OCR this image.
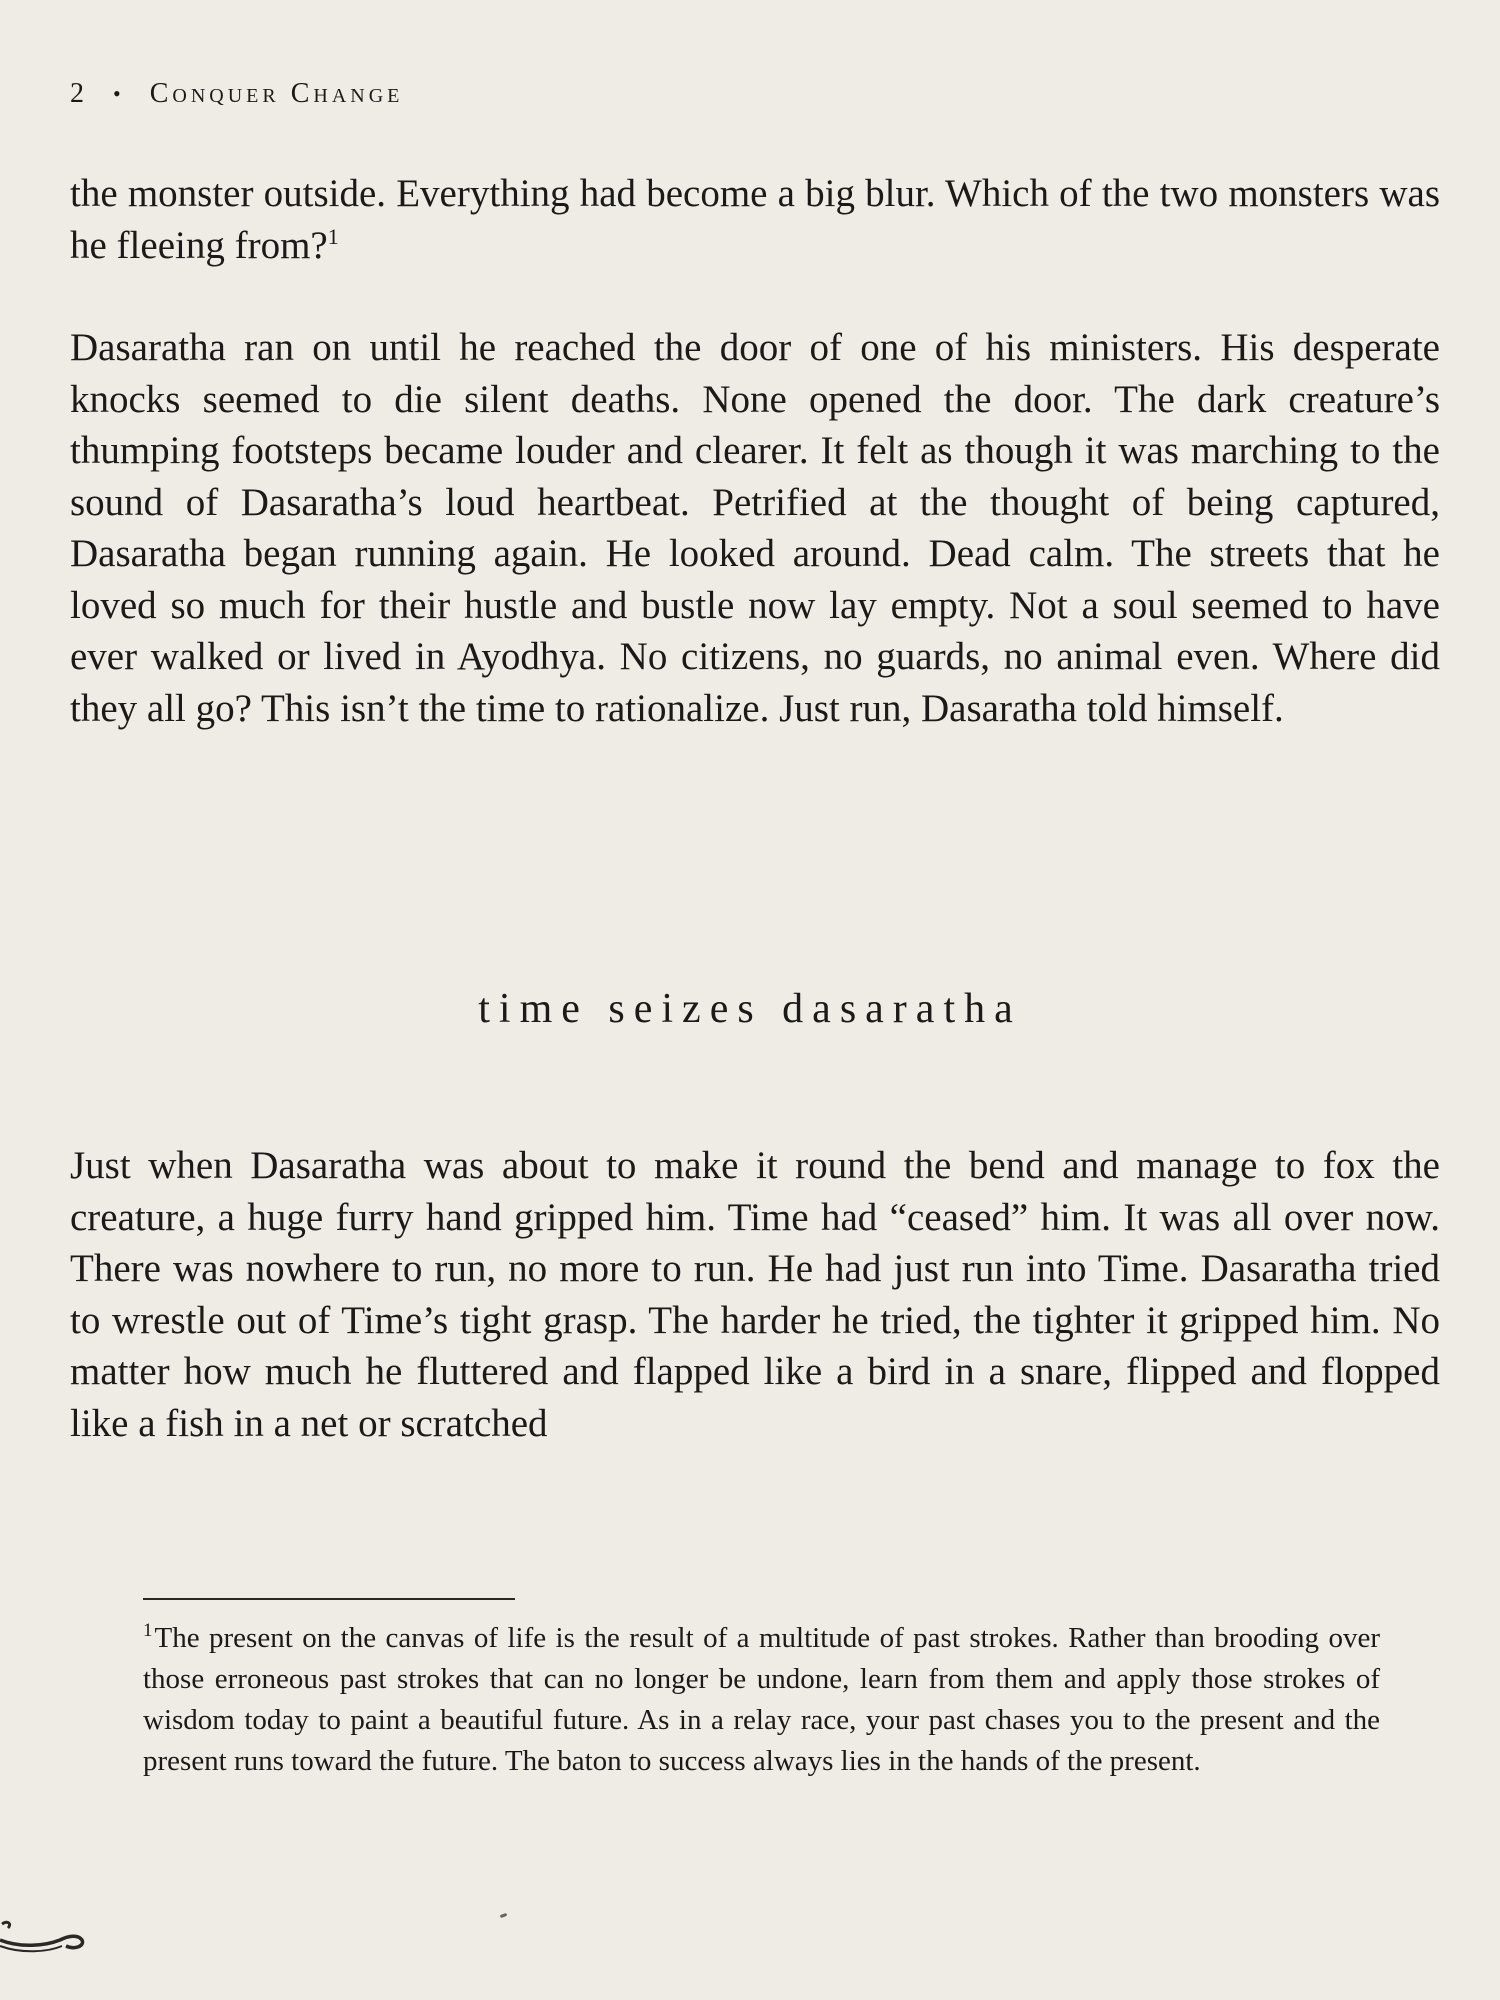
2 • Conquer Change

the monster outside. Everything had become a big blur. Which of the two monsters was he fleeing from?$^1$

Dasaratha ran on until he reached the door of one of his ministers. His desperate knocks seemed to die silent deaths. None opened the door. The dark creature’s thumping footsteps became louder and clearer. It felt as though it was marching to the sound of Dasaratha’s loud heartbeat. Petrified at the thought of being captured, Dasaratha began running again. He looked around. Dead calm. The streets that he loved so much for their hustle and bustle now lay empty. Not a soul seemed to have ever walked or lived in Ayodhya. No citizens, no guards, no animal even. Where did they all go? This isn’t the time to rationalize. Just run, Dasaratha told himself.

time seizes dasaratha

Just when Dasaratha was about to make it round the bend and manage to fox the creature, a huge furry hand gripped him. Time had “ceased” him. It was all over now. There was nowhere to run, no more to run. He had just run into Time. Dasaratha tried to wrestle out of Time’s tight grasp. The harder he tried, the tighter it gripped him. No matter how much he fluttered and flapped like a bird in a snare, flipped and flopped like a fish in a net or scratched

$^1$The present on the canvas of life is the result of a multitude of past strokes. Rather than brooding over those erroneous past strokes that can no longer be undone, learn from them and apply those strokes of wisdom today to paint a beautiful future. As in a relay race, your past chases you to the present and the present runs toward the future. The baton to success always lies in the hands of the present.
